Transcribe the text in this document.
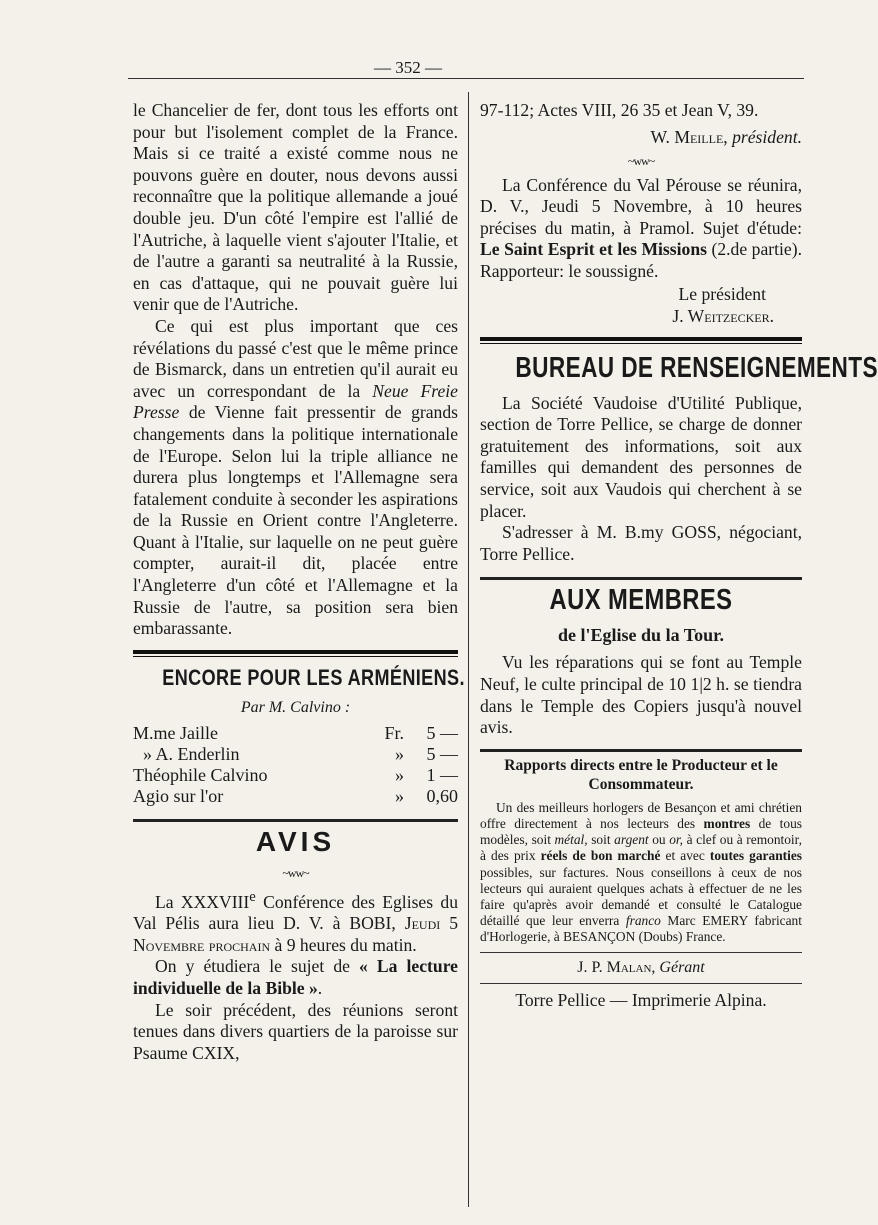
— 352 —

le Chancelier de fer, dont tous les efforts ont pour but l'isolement complet de la France. Mais si ce traité a existé comme nous ne pouvons guère en douter, nous devons aussi reconnaître que la politique allemande a joué double jeu. D'un côté l'empire est l'allié de l'Autriche, à laquelle vient s'ajouter l'Italie, et de l'autre a garanti sa neutralité à la Russie, en cas d'attaque, qui ne pouvait guère lui venir que de l'Autriche.

Ce qui est plus important que ces révélations du passé c'est que le même prince de Bismarck, dans un entretien qu'il aurait eu avec un correspondant de la Neue Freie Presse de Vienne fait pressentir de grands changements dans la politique internationale de l'Europe. Selon lui la triple alliance ne durera plus longtemps et l'Allemagne sera fatalement conduite à seconder les aspirations de la Russie en Orient contre l'Angleterre. Quant à l'Italie, sur laquelle on ne peut guère compter, aurait-il dit, placée entre l'Angleterre d'un côté et l'Allemagne et la Russie de l'autre, sa position sera bien embarassante.

ENCORE POUR LES ARMÉNIENS.
Par M. Calvino :
M.me Jaille	Fr.	5 —
» A. Enderlin	»	5 —
Théophile Calvino	»	1 —
Agio sur l'or	»	0,60
AVIS
~ww~

La XXXVIIIe Conférence des Eglises du Val Pélis aura lieu D. V. à BOBI, Jeudi 5 Novembre prochain à 9 heures du matin.

On y étudiera le sujet de « La lecture individuelle de la Bible ».

Le soir précédent, des réunions seront tenues dans divers quartiers de la paroisse sur Psaume CXIX,

97-112; Actes VIII, 26 35 et Jean V, 39.

W. Meille, président.

~ww~

La Conférence du Val Pérouse se réunira, D. V., Jeudi 5 Novembre, à 10 heures précises du matin, à Pramol. Sujet d'étude: Le Saint Esprit et les Missions (2.de partie). Rapporteur: le soussigné.

Le président

J. Weitzecker.

BUREAU DE RENSEIGNEMENTS

La Société Vaudoise d'Utilité Publique, section de Torre Pellice, se charge de donner gratuitement des informations, soit aux familles qui demandent des personnes de service, soit aux Vaudois qui cherchent à se placer.

S'adresser à M. B.my GOSS, négociant, Torre Pellice.

AUX MEMBRES
de l'Eglise du la Tour.

Vu les réparations qui se font au Temple Neuf, le culte principal de 10 1|2 h. se tiendra dans le Temple des Copiers jusqu'à nouvel avis.

Rapports directs entre le Producteur et le Consommateur.

Un des meilleurs horlogers de Besançon et ami chrétien offre directement à nos lecteurs des montres de tous modèles, soit métal, soit argent ou or, à clef ou à remontoir, à des prix réels de bon marché et avec toutes garanties possibles, sur factures. Nous conseillons à ceux de nos lecteurs qui auraient quelques achats à effectuer de ne les faire qu'après avoir demandé et consulté le Catalogue détaillé que leur enverra franco Marc EMERY fabricant d'Horlogerie, à BESANÇON (Doubs) France.

J. P. Malan, Gérant
Torre Pellice — Imprimerie Alpina.
